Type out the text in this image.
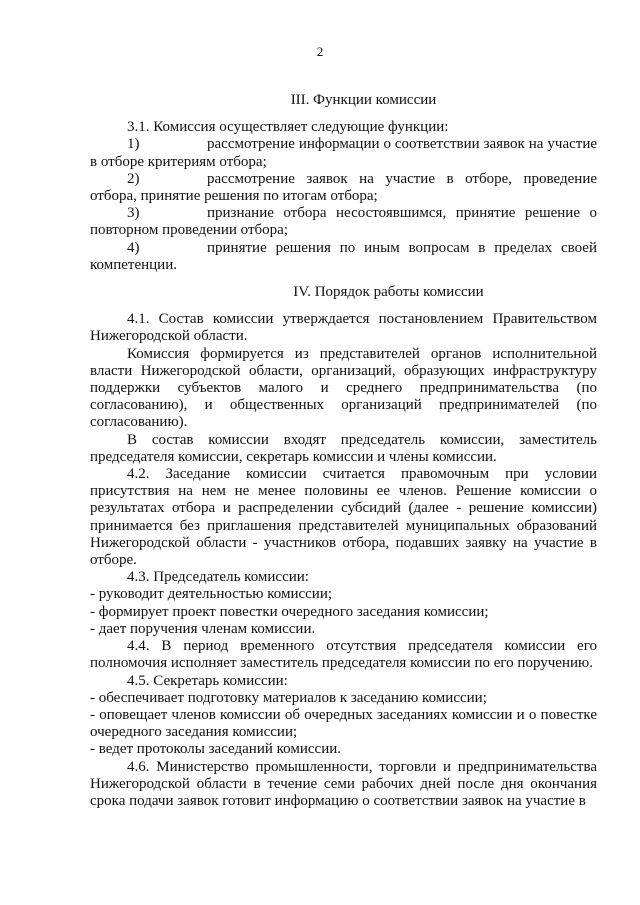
2
III. Функции комиссии

3.1. Комиссия осуществляет следующие функции:

1)	рассмотрение информации о соответствии заявок на участие в отборе критериям отбора;

2)	рассмотрение заявок на участие в отборе, проведение отбора, принятие решения по итогам отбора;

3)	признание отбора несостоявшимся, принятие решение о повторном проведении отбора;

4)	принятие решения по иным вопросам в пределах своей компетенции.

IV. Порядок работы комиссии

4.1. Состав комиссии утверждается постановлением Правительством Нижегородской области.

Комиссия формируется из представителей органов исполнительной власти Нижегородской области, организаций, образующих инфраструктуру поддержки субъектов малого и среднего предпринимательства (по согласованию), и общественных организаций предпринимателей (по согласованию).

В состав комиссии входят председатель комиссии, заместитель председателя комиссии, секретарь комиссии и члены комиссии.

4.2. Заседание комиссии считается правомочным при условии присутствия на нем не менее половины ее членов. Решение комиссии о результатах отбора и распределении субсидий (далее - решение комиссии) принимается без приглашения представителей муниципальных образований Нижегородской области - участников отбора, подавших заявку на участие в отборе.

4.3. Председатель комиссии:

- руководит деятельностью комиссии;

- формирует проект повестки очередного заседания комиссии;

- дает поручения членам комиссии.

4.4. В период временного отсутствия председателя комиссии его полномочия исполняет заместитель председателя комиссии по его поручению.

4.5. Секретарь комиссии:

- обеспечивает подготовку материалов к заседанию комиссии;

- оповещает членов комиссии об очередных заседаниях комиссии и о повестке очередного заседания комиссии;

- ведет протоколы заседаний комиссии.

4.6. Министерство промышленности, торговли и предпринимательства Нижегородской области в течение семи рабочих дней после дня окончания срока подачи заявок готовит информацию о соответствии заявок на участие в
